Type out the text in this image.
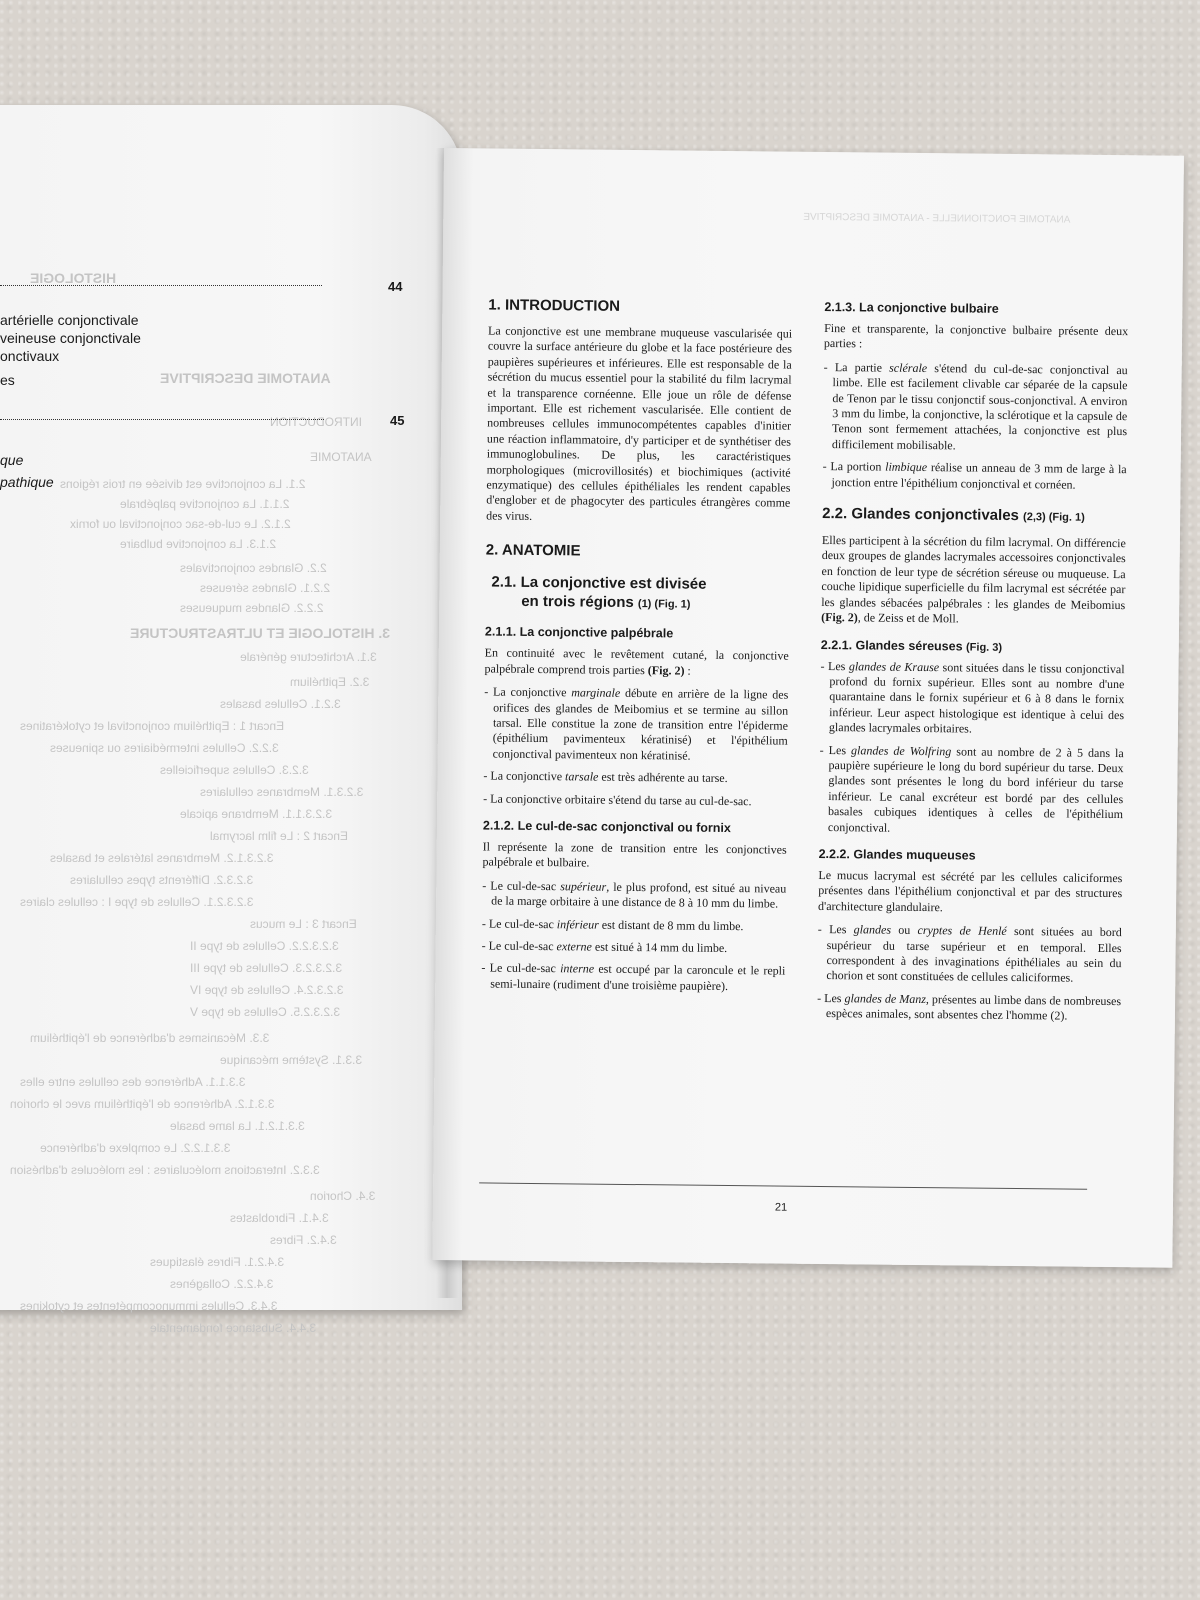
HISTOLOGIE
ANATOMIE DESCRIPTIVE
INTRODUCTION
ANATOMIE
2.1. La conjonctive est divisée en trois régions
2.1.1. La conjonctive palpébrale
2.1.2. Le cul-de-sac conjonctival ou fornix
2.1.3. La conjonctive bulbaire
2.2. Glandes conjonctivales
2.2.1. Glandes séreuses
2.2.2. Glandes muqueuses
3. HISTOLOGIE ET ULTRASTRUCTURE
3.1. Architecture générale
3.2. Epithélium
3.2.1. Cellules basales
Encart 1 : Epithélium conjonctival et cytokératines
3.2.2. Cellules intermédiaires ou spineuses
3.2.3. Cellules superficielles
3.2.3.1. Membranes cellulaires
3.2.3.1.1. Membrane apicale
Encart 2 : Le film lacrymal
3.2.3.1.2. Membranes latérales et basales
3.2.3.2. Différents types cellulaires
3.2.3.2.1. Cellules de type I : cellules claires
Encart 3 : Le mucus
3.2.3.2.2. Cellules de type II
3.2.3.2.3. Cellules de type III
3.2.3.2.4. Cellules de type IV
3.2.3.2.5. Cellules de type V
3.3. Mécanismes d'adhérence de l'épithélium
3.3.1. Système mécanique
3.3.1.1. Adhérence des cellules entre elles
3.3.1.2. Adhérence de l'épithélium avec le chorion
3.3.1.2.1. La lame basale
3.3.1.2.2. Le complexe d'adhérence
3.3.2. Interactions moléculaires : les molécules d'adhésion
3.4. Chorion
3.4.1. Fibroblastes
3.4.2. Fibres
3.4.2.1. Fibres élastiques
3.4.2.2. Collagènes
3.4.3. Cellules immunocompétentes et cytokines
3.4.4. Substance fondamentale
44
artérielle conjonctivale
veineuse conjonctivale
onctivaux
es
45
que
pathique
ANATOMIE FONCTIONNELLE - ANATOMIE DESCRIPTIVE
1. INTRODUCTION

La conjonctive est une membrane muqueuse vascularisée qui couvre la surface antérieure du globe et la face postérieure des paupières supérieures et inférieures. Elle est responsable de la sécrétion du mucus essentiel pour la stabilité du film lacrymal et la transparence cornéenne. Elle joue un rôle de défense important. Elle est richement vascularisée. Elle contient de nombreuses cellules immunocompétentes capables d'initier une réaction inflammatoire, d'y participer et de synthétiser des immunoglobulines. De plus, les caractéristiques morphologiques (microvillosités) et biochimiques (activité enzymatique) des cellules épithéliales les rendent capables d'englober et de phagocyter des particules étrangères comme des virus.

2. ANATOMIE
2.1. La conjonctive est divisée
en trois régions (1) (Fig. 1)
2.1.1. La conjonctive palpébrale

En continuité avec le revêtement cutané, la conjonctive palpébrale comprend trois parties (Fig. 2) :

- La conjonctive marginale débute en arrière de la ligne des orifices des glandes de Meibomius et se termine au sillon tarsal. Elle constitue la zone de transition entre l'épiderme (épithélium pavimenteux kératinisé) et l'épithélium conjonctival pavimenteux non kératinisé.
- La conjonctive tarsale est très adhérente au tarse.
- La conjonctive orbitaire s'étend du tarse au cul-de-sac.
2.1.2. Le cul-de-sac conjonctival ou fornix

Il représente la zone de transition entre les conjonctives palpébrale et bulbaire.

- Le cul-de-sac supérieur, le plus profond, est situé au niveau de la marge orbitaire à une distance de 8 à 10 mm du limbe.
- Le cul-de-sac inférieur est distant de 8 mm du limbe.
- Le cul-de-sac externe est situé à 14 mm du limbe.
- Le cul-de-sac interne est occupé par la caroncule et le repli semi-lunaire (rudiment d'une troisième paupière).
2.1.3. La conjonctive bulbaire

Fine et transparente, la conjonctive bulbaire présente deux parties :

- La partie sclérale s'étend du cul-de-sac conjonctival au limbe. Elle est facilement clivable car séparée de la capsule de Tenon par le tissu conjonctif sous-conjonctival. A environ 3 mm du limbe, la conjonctive, la sclérotique et la capsule de Tenon sont fermement attachées, la conjonctive est plus difficilement mobilisable.
- La portion limbique réalise un anneau de 3 mm de large à la jonction entre l'épithélium conjonctival et cornéen.
2.2. Glandes conjonctivales (2,3) (Fig. 1)

Elles participent à la sécrétion du film lacrymal. On différencie deux groupes de glandes lacrymales accessoires conjonctivales en fonction de leur type de sécrétion séreuse ou muqueuse. La couche lipidique superficielle du film lacrymal est sécrétée par les glandes sébacées palpébrales : les glandes de Meibomius (Fig. 2), de Zeiss et de Moll.

2.2.1. Glandes séreuses (Fig. 3)
- Les glandes de Krause sont situées dans le tissu conjonctival profond du fornix supérieur. Elles sont au nombre d'une quarantaine dans le fornix supérieur et 6 à 8 dans le fornix inférieur. Leur aspect histologique est identique à celui des glandes lacrymales orbitaires.
- Les glandes de Wolfring sont au nombre de 2 à 5 dans la paupière supérieure le long du bord supérieur du tarse. Deux glandes sont présentes le long du bord inférieur du tarse inférieur. Le canal excréteur est bordé par des cellules basales cubiques identiques à celles de l'épithélium conjonctival.
2.2.2. Glandes muqueuses

Le mucus lacrymal est sécrété par les cellules caliciformes présentes dans l'épithélium conjonctival et par des structures d'architecture glandulaire.

- Les glandes ou cryptes de Henlé sont situées au bord supérieur du tarse supérieur et en temporal. Elles correspondent à des invaginations épithéliales au sein du chorion et sont constituées de cellules caliciformes.
- Les glandes de Manz, présentes au limbe dans de nombreuses espèces animales, sont absentes chez l'homme (2).
21
